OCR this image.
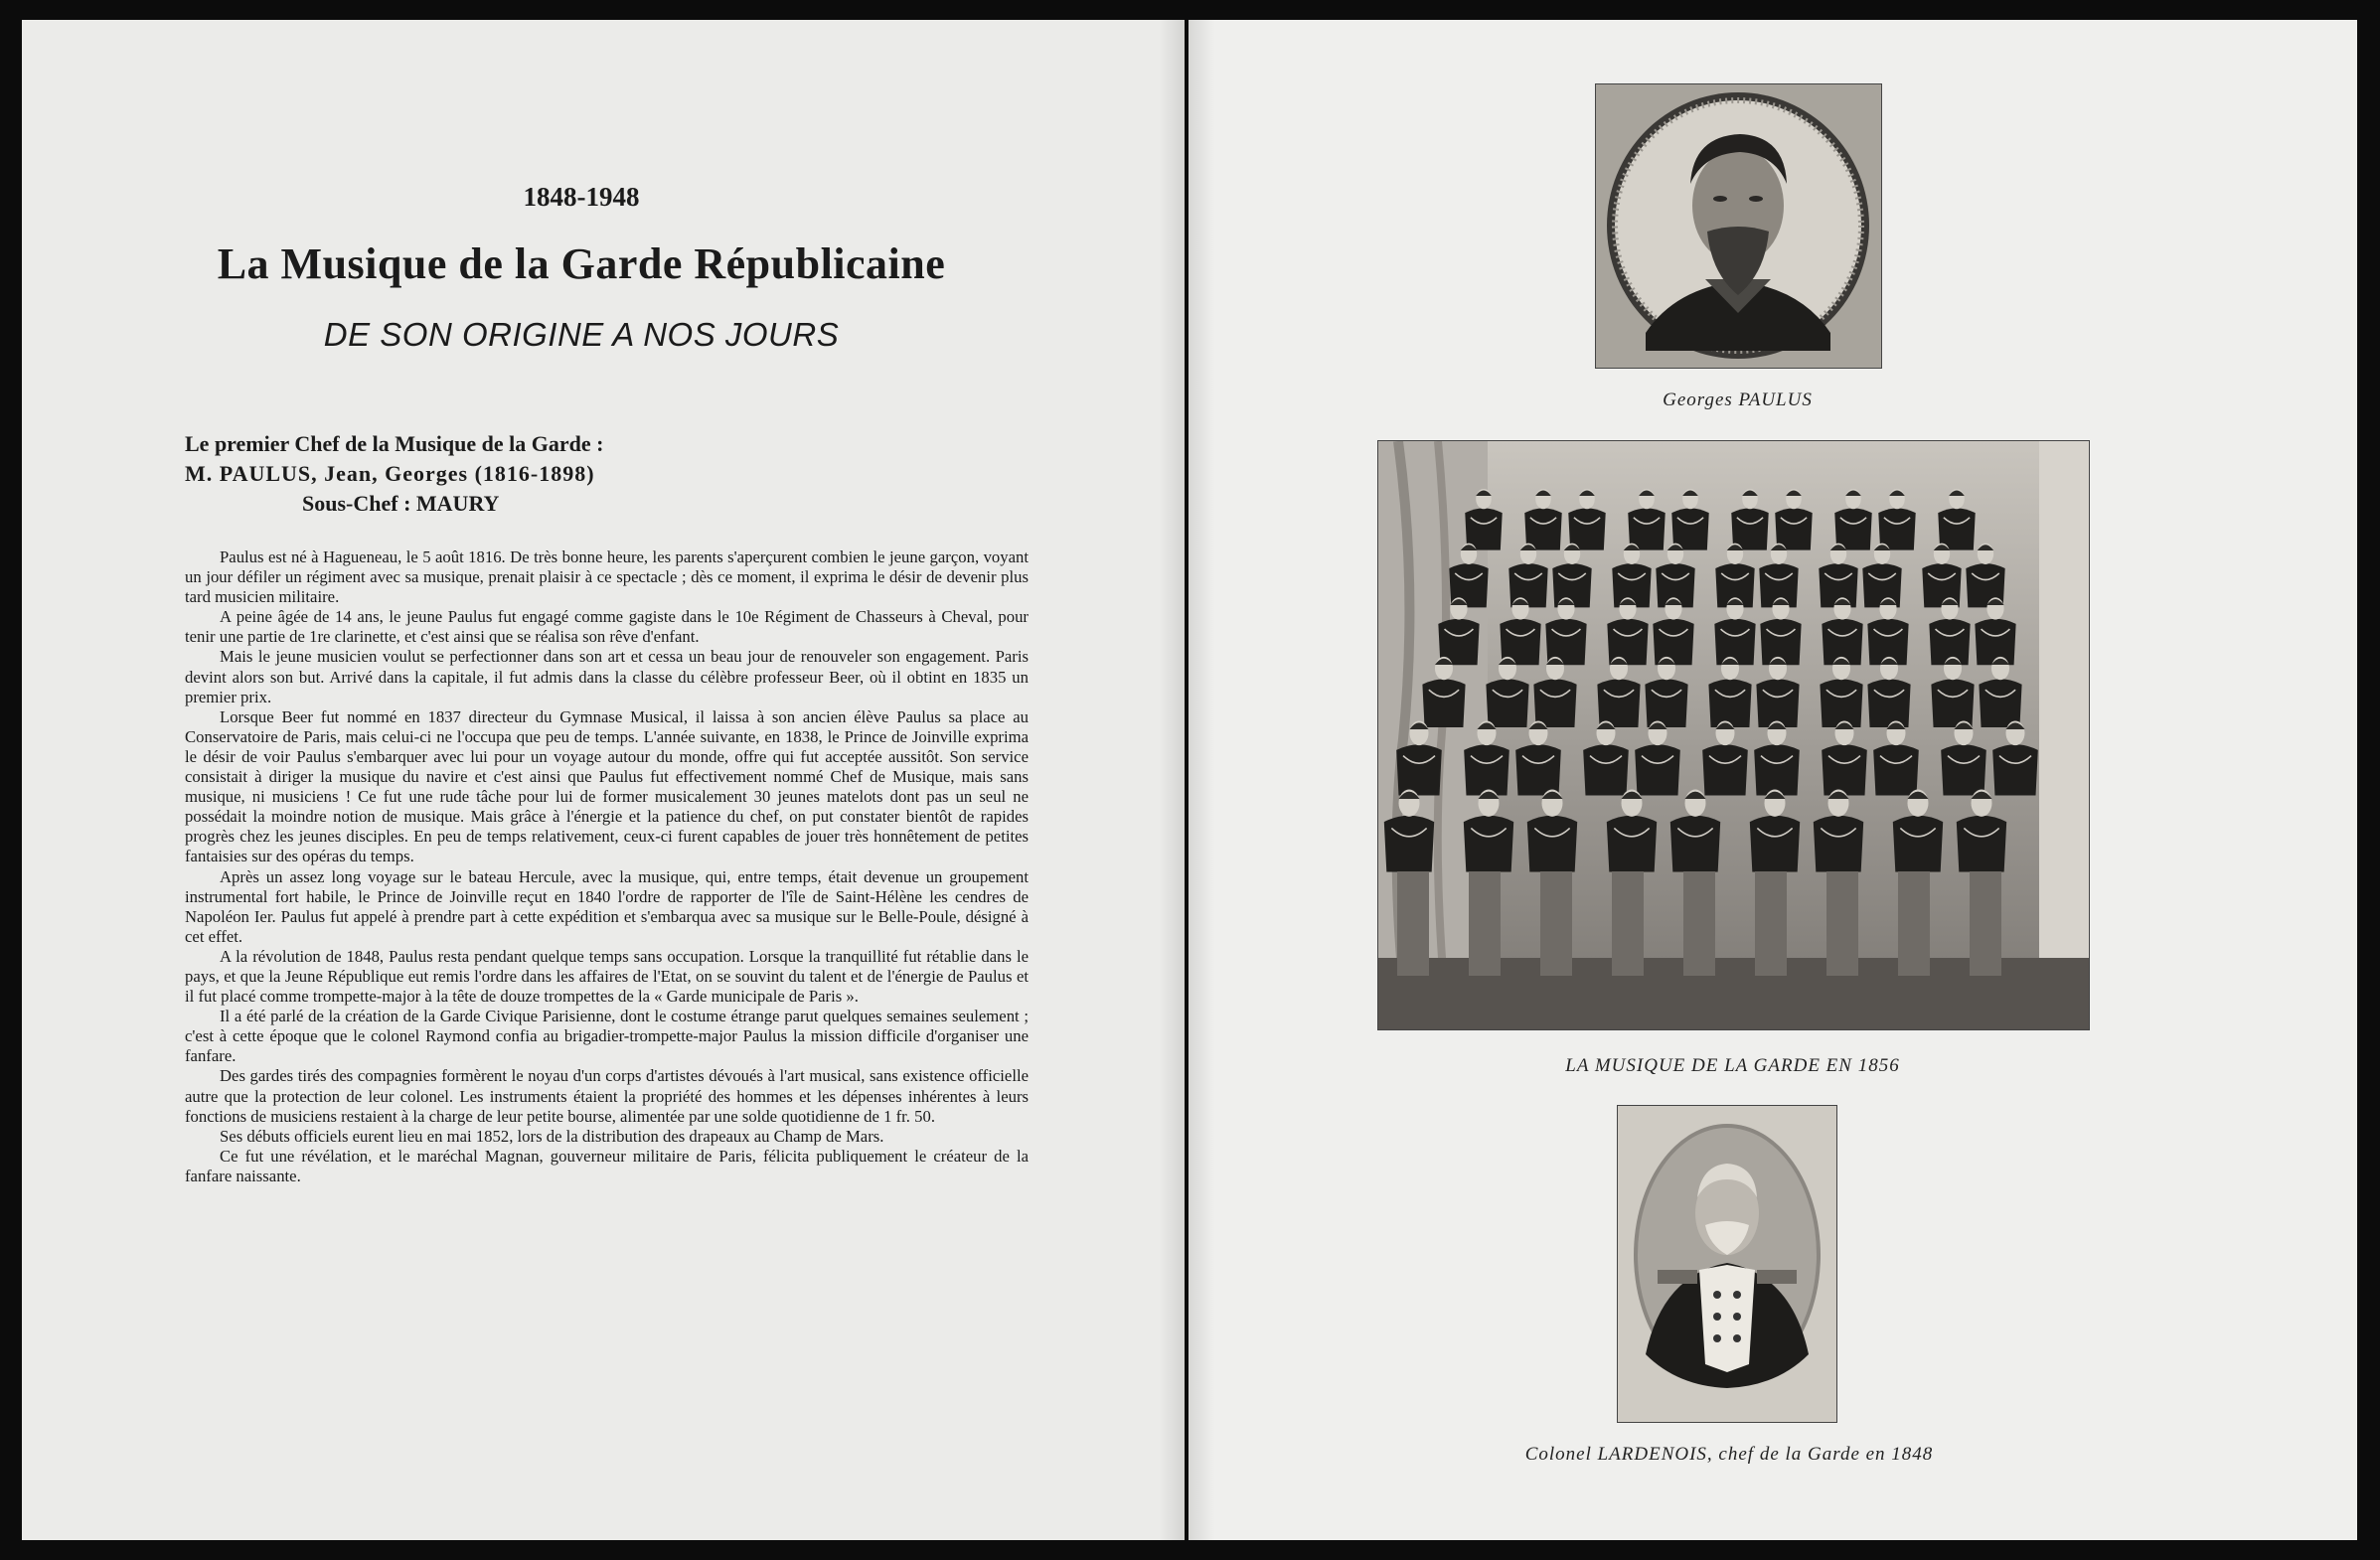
1848-1948
La Musique de la Garde Républicaine
DE SON ORIGINE A NOS JOURS
Le premier Chef de la Musique de la Garde :
M. PAULUS, Jean, Georges (1816-1898)
Sous-Chef : MAURY

Paulus est né à Hagueneau, le 5 août 1816. De très bonne heure, les parents s'aperçurent combien le jeune garçon, voyant un jour défiler un régiment avec sa musique, prenait plaisir à ce spectacle ; dès ce moment, il exprima le désir de devenir plus tard musicien militaire.

A peine âgée de 14 ans, le jeune Paulus fut engagé comme gagiste dans le 10e Régiment de Chasseurs à Cheval, pour tenir une partie de 1re clarinette, et c'est ainsi que se réalisa son rêve d'enfant.

Mais le jeune musicien voulut se perfectionner dans son art et cessa un beau jour de renouveler son engagement. Paris devint alors son but. Arrivé dans la capitale, il fut admis dans la classe du célèbre professeur Beer, où il obtint en 1835 un premier prix.

Lorsque Beer fut nommé en 1837 directeur du Gymnase Musical, il laissa à son ancien élève Paulus sa place au Conservatoire de Paris, mais celui-ci ne l'occupa que peu de temps. L'année suivante, en 1838, le Prince de Joinville exprima le désir de voir Paulus s'embarquer avec lui pour un voyage autour du monde, offre qui fut acceptée aussitôt. Son service consistait à diriger la musique du navire et c'est ainsi que Paulus fut effectivement nommé Chef de Musique, mais sans musique, ni musiciens ! Ce fut une rude tâche pour lui de former musicalement 30 jeunes matelots dont pas un seul ne possédait la moindre notion de musique. Mais grâce à l'énergie et la patience du chef, on put constater bientôt de rapides progrès chez les jeunes disciples. En peu de temps relativement, ceux-ci furent capables de jouer très honnêtement de petites fantaisies sur des opéras du temps.

Après un assez long voyage sur le bateau Hercule, avec la musique, qui, entre temps, était devenue un groupement instrumental fort habile, le Prince de Joinville reçut en 1840 l'ordre de rapporter de l'île de Saint-Hélène les cendres de Napoléon Ier. Paulus fut appelé à prendre part à cette expédition et s'embarqua avec sa musique sur le Belle-Poule, désigné à cet effet.

A la révolution de 1848, Paulus resta pendant quelque temps sans occupation. Lorsque la tranquillité fut rétablie dans le pays, et que la Jeune République eut remis l'ordre dans les affaires de l'Etat, on se souvint du talent et de l'énergie de Paulus et il fut placé comme trompette-major à la tête de douze trompettes de la « Garde municipale de Paris ».

Il a été parlé de la création de la Garde Civique Parisienne, dont le costume étrange parut quelques semaines seulement ; c'est à cette époque que le colonel Raymond confia au brigadier-trompette-major Paulus la mission difficile d'organiser une fanfare.

Des gardes tirés des compagnies formèrent le noyau d'un corps d'artistes dévoués à l'art musical, sans existence officielle autre que la protection de leur colonel. Les instruments étaient la propriété des hommes et les dépenses inhérentes à leurs fonctions de musiciens restaient à la charge de leur petite bourse, alimentée par une solde quotidienne de 1 fr. 50.

Ses débuts officiels eurent lieu en mai 1852, lors de la distribution des drapeaux au Champ de Mars.

Ce fut une révélation, et le maréchal Magnan, gouverneur militaire de Paris, félicita publiquement le créateur de la fanfare naissante.

Georges PAULUS
LA MUSIQUE DE LA GARDE EN 1856
Colonel LARDENOIS, chef de la Garde en 1848
